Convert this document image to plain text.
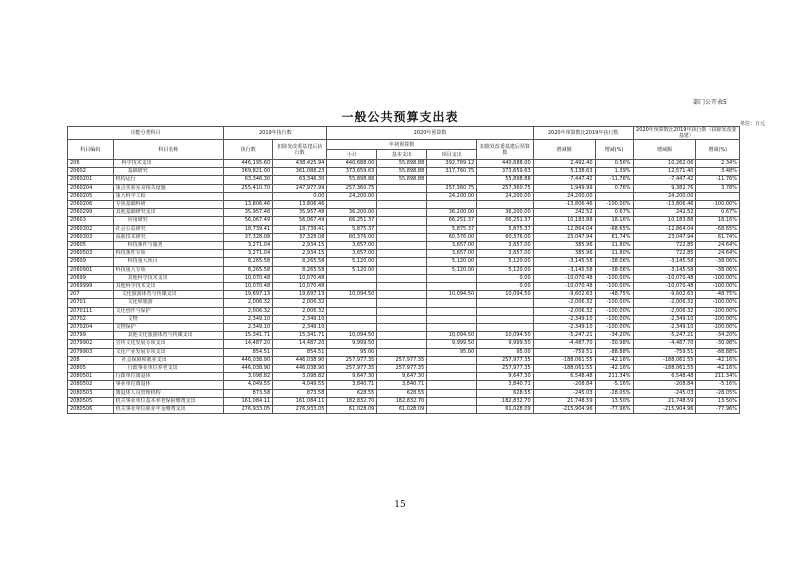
部门公开表5
一般公共预算支出表	单位：万元
功能分类科目		2019年执行数		2020年预算数				2020年预算数比2019年执行数		2020年预算数比2019年执行数（扣除发改委基建）	
科目编码	科目名称	执行数	扣除发改委基建后执行数	年初预算数			扣除发改委基建后预算数	增减额	增减(%)	增减额	增减(%)
				小计	基本支出	项目支出					
206	科学技术支出	446,195.60	438,425.94	440,688.00	55,898.88	392,789.12	440,688.00	2,492.40	0.56%	10,262.06	2.34%
20602	基础研究	369,821.00	361,088.23	373,659.63	55,898.88	317,760.75	373,659.63	5,138.63	1.39%	12,571.40	3.48%
2060201	机构运行	63,346.30	63,346.30	55,898.88	55,898.88		55,898.88	-7,447.42	-11.76%	-7,447.42	-11.76%
2060204	重点实验室及相关设施	255,410.70	247,977.99	257,360.75		257,360.75	257,360.75	1,949.99	0.76%	9,382.76	3.78%
2060205	重大科学工程		0.00	24,200.00		24,200.00	24,200.00	24,200.00		24,200.00	
2060206	专项基础科研	13,806.46	13,806.46					-13,806.46	-100.00%	-13,806.46	-100.00%
2060299	其他基础研究支出	35,957.48	35,957.48	36,200.00		36,200.00	36,200.00	242.52	0.67%	242.52	0.67%
20603	应用研究	56,067.49	56,067.49	66,251.37		66,251.37	66,251.37	10,183.88	18.16%	10,183.88	18.16%
2060302	社会公益研究	18,739.41	18,739.41	5,875.37		5,875.37	5,875.37	-12,864.04	-68.65%	-12,864.04	-68.65%
2060303	高新技术研究	37,328.08	37,328.08	60,376.00		60,376.00	60,376.00	23,047.94	61.74%	23,047.94	61.74%
20605	科技条件与服务	3,271.04	2,934.15	3,657.00		3,657.00	3,657.00	385.96	11.80%	722.85	24.64%
2060503	科技条件专项	3,271.04	2,934.15	3,657.00		3,657.00	3,657.00	385.96	11.80%	722.85	24.64%
20609	科技重大项目	8,265.58	8,265.58	5,120.00		5,120.00	5,120.00	-3,145.58	-38.06%	-3,145.58	-38.06%
2060901	科技重大专项	8,265.58	8,265.58	5,120.00		5,120.00	5,120.00	-3,145.58	-38.06%	-3,145.58	-38.06%
20699	其他科学技术支出	10,070.48	10,070.48				0.00	-10,070.48	-100.00%	-10,070.48	-100.00%
2069999	其他科学技术支出	10,070.48	10,070.48				0.00	-10,070.48	-100.00%	-10,070.48	-100.00%
207	文化旅游体育与传媒支出	19,697.13	19,697.13	10,094.50		10,094.50	10,094.50	-9,602.63	-48.75%	-9,602.63	-48.75%
20701	文化和旅游	2,006.32	2,006.32					-2,006.32	-100.00%	-2,006.32	-100.00%
2070111	文化创作与保护	2,006.32	2,006.32					-2,006.32	-100.00%	-2,006.32	-100.00%
20702	文物	2,349.10	2,349.10					-2,349.10	-100.00%	-2,349.10	-100.00%
2070204	文物保护	2,349.10	2,349.10					-2,349.10	-100.00%	-2,349.10	-100.00%
20799	其他文化旅游体育与传媒支出	15,341.71	15,341.71	10,094.50		10,094.50	10,094.50	-5,247.21	-34.20%	-5,247.21	-34.20%
2079902	宣传文化发展专项支出	14,487.20	14,487.20	9,999.50		9,999.50	9,999.50	-4,487.70	-30.98%	-4,487.70	-30.98%
2079903	文化产业发展专项支出	854.51	854.51	95.00		95.00	95.00	-759.51	-88.88%	-759.51	-88.88%
208	社会保障和就业支出	446,038.90	446,038.90	257,977.35	257,977.35		257,977.35	-188,061.55	-42.16%	-188,061.55	-42.16%
20805	行政事业单位养老支出	446,038.90	446,038.90	257,977.35	257,977.35		257,977.35	-188,061.55	-42.16%	-188,061.55	-42.16%
2080501	行政单位离退休	3,098.82	3,098.82	9,647.30	9,647.30		9,647.30	6,548.48	211.34%	6,548.48	211.34%
2080502	事业单位离退休	4,049.55	4,049.55	3,840.71	3,840.71		3,840.71	-208.84	-5.16%	-208.84	-5.16%
2080503	离退休人员管理机构	873.58	873.58	628.55	628.55		628.55	-245.03	-28.05%	-245.03	-28.05%
2080505	机关事业单位基本养老保险缴费支出	161,084.11	161,084.11	182,832.70	182,832.70		182,832.70	21,748.59	13.50%	21,748.59	13.50%
2080506	机关事业单位职业年金缴费支出	276,933.05	276,933.05	61,028.09	61,028.09		61,028.09	-215,904.96	-77.96%	-215,904.96	-77.96%
15
